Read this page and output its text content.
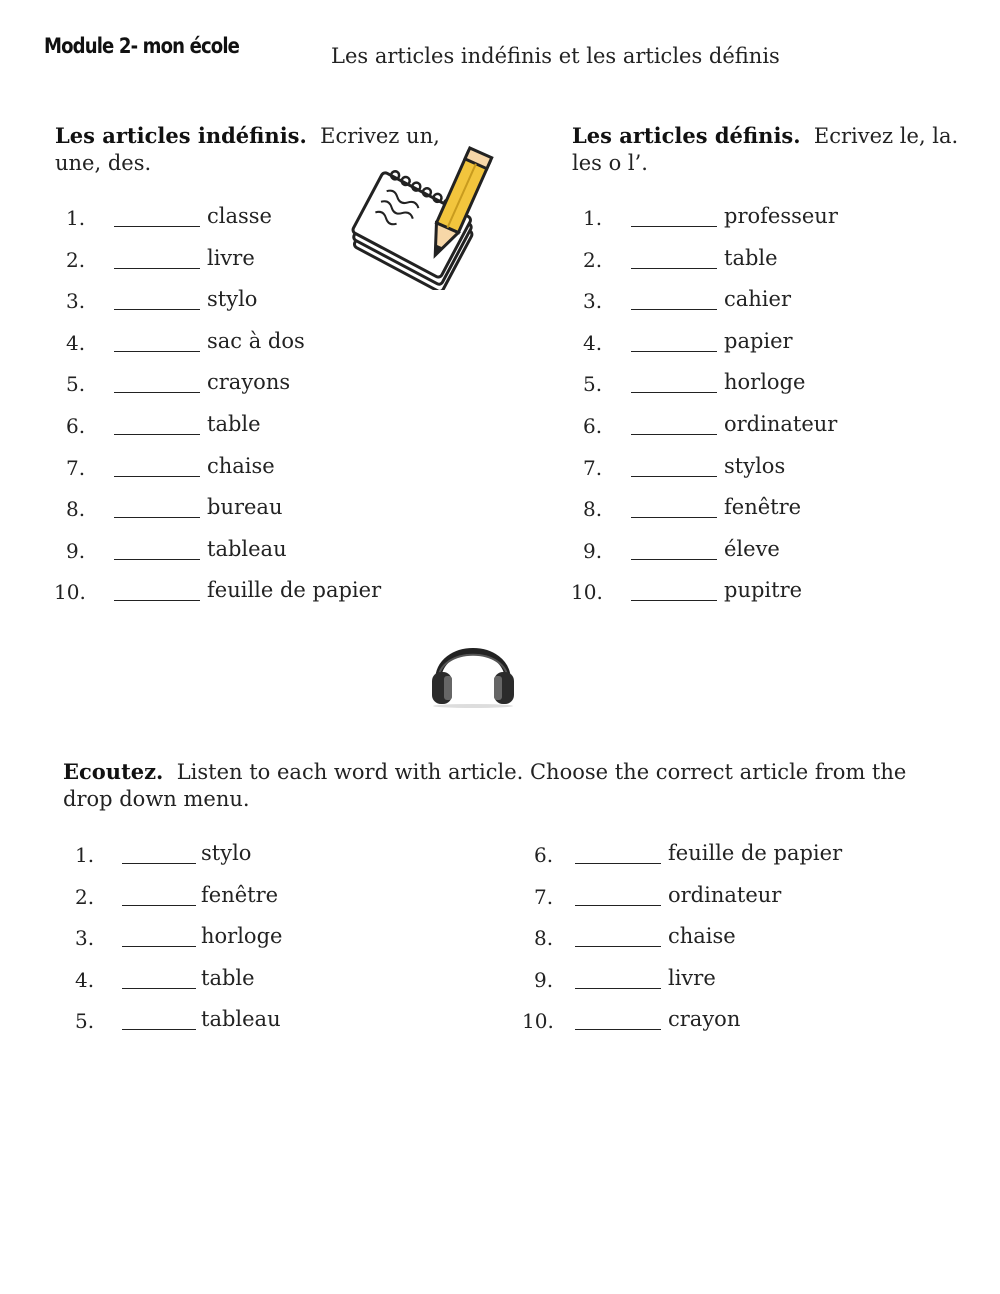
Module 2- mon école	Les articles indéfinis et les articles définis
Les articles indéfinis. Ecrivez un,
une, des.
Les articles définis. Ecrivez le, la.
les o l’.
1.	classe
2.	livre
3.	stylo
4.	sac à dos
5.	crayons
6.	table
7.	chaise
8.	bureau
9.	tableau
10.	feuille de papier
1.	professeur
2.	table
3.	cahier
4.	papier
5.	horloge
6.	ordinateur
7.	stylos
8.	fenêtre
9.	éleve
10.	pupitre
Ecoutez. Listen to each word with article. Choose the correct article from the
drop down menu.
1.	stylo
2.	fenêtre
3.	horloge
4.	table
5.	tableau
6.	feuille de papier
7.	ordinateur
8.	chaise
9.	livre
10.	crayon
